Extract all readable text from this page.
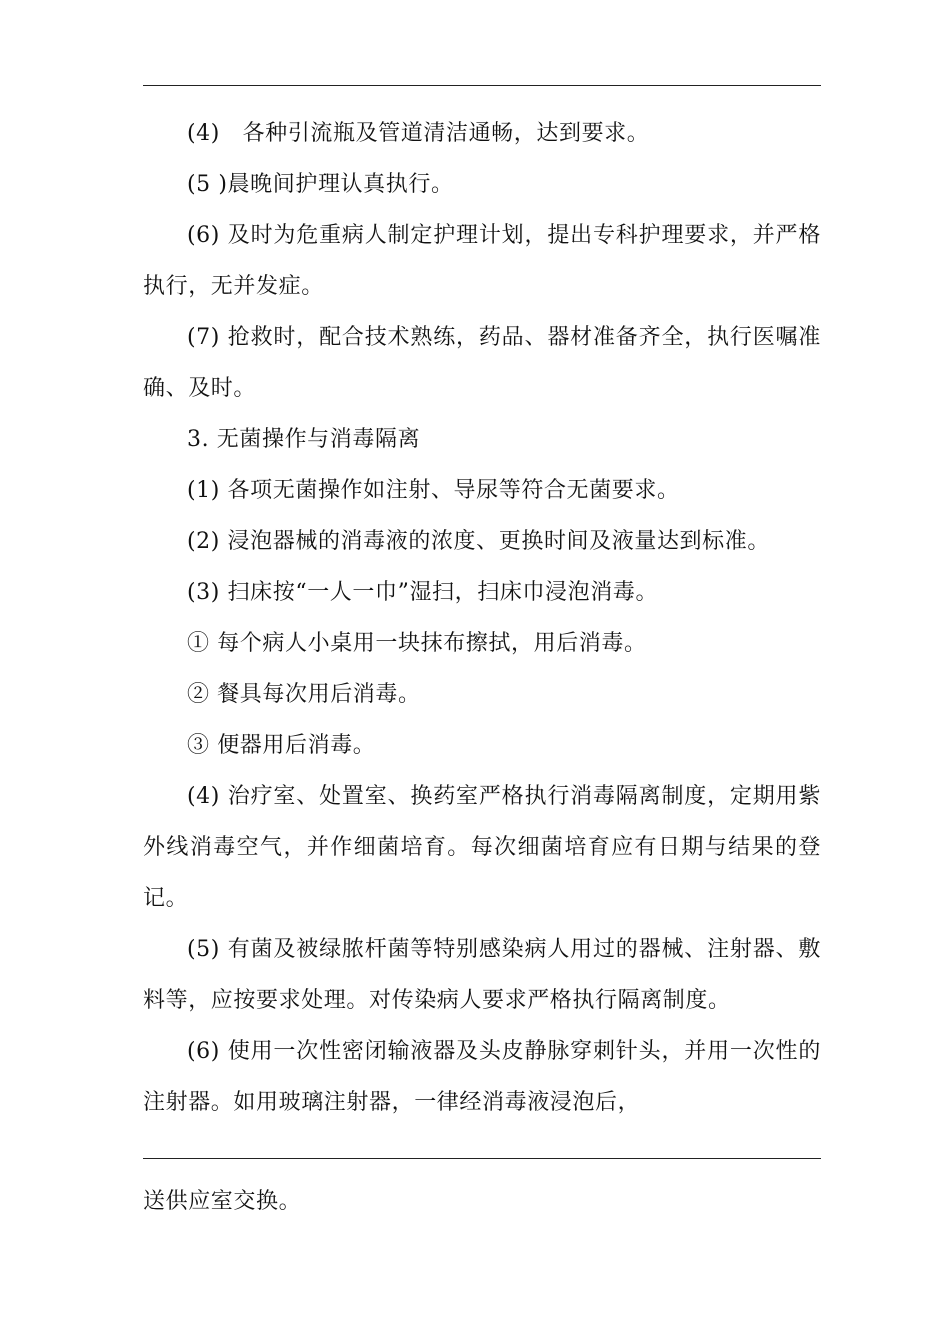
(4)　各种引流瓶及管道清洁通畅，达到要求。

(5 )晨晚间护理认真执行。

(6) 及时为危重病人制定护理计划，提出专科护理要求，并严格执行，无并发症。

(7) 抢救时，配合技术熟练，药品、器材准备齐全，执行医嘱准确、及时。

3. 无菌操作与消毒隔离

(1) 各项无菌操作如注射、导尿等符合无菌要求。

(2) 浸泡器械的消毒液的浓度、更换时间及液量达到标准。

(3) 扫床按“一人一巾”湿扫，扫床巾浸泡消毒。

① 每个病人小桌用一块抹布擦拭，用后消毒。

② 餐具每次用后消毒。

③ 便器用后消毒。

(4) 治疗室、处置室、换药室严格执行消毒隔离制度，定期用紫外线消毒空气，并作细菌培育。每次细菌培育应有日期与结果的登记。

(5) 有菌及被绿脓杆菌等特别感染病人用过的器械、注射器、敷料等，应按要求处理。对传染病人要求严格执行隔离制度。

(6) 使用一次性密闭输液器及头皮静脉穿刺针头，并用一次性的注射器。如用玻璃注射器，一律经消毒液浸泡后，

送供应室交换。
